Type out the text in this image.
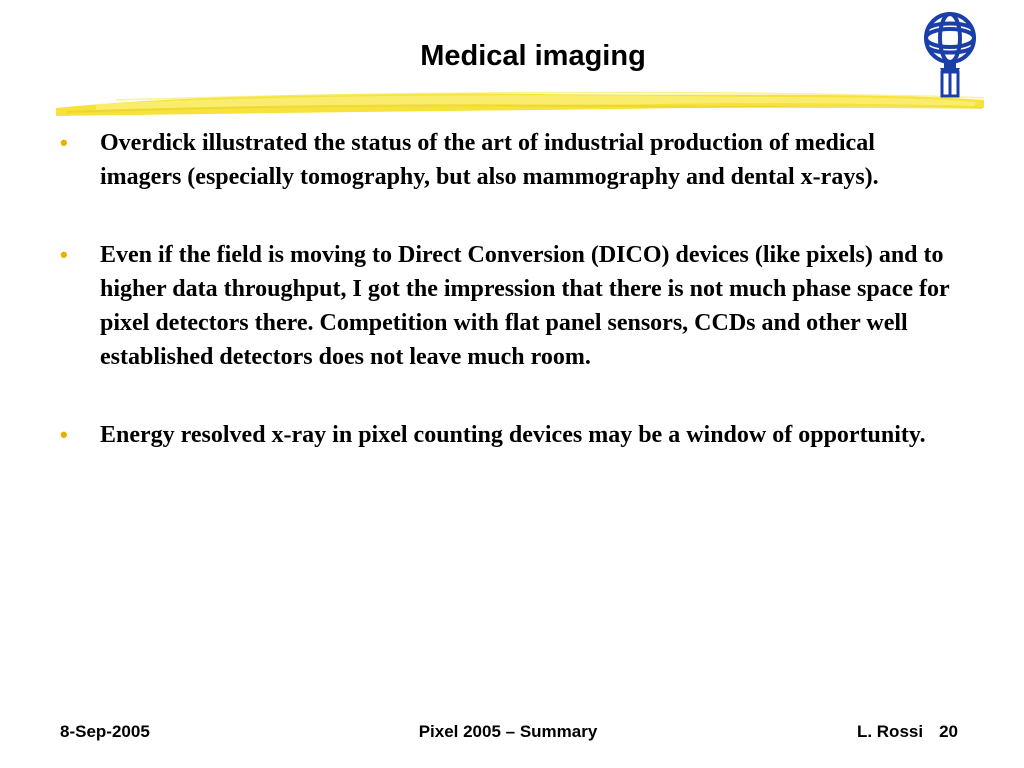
Medical imaging
• Overdick illustrated the status of the art of industrial production of medical imagers (especially tomography, but also mammography and dental x-rays).
• Even if the field is moving to Direct Conversion (DICO) devices (like pixels) and to higher data throughput, I got the impression that there is not much phase space for pixel detectors there. Competition with flat panel sensors, CCDs and other well established detectors does not leave much room.
• Energy resolved x-ray in pixel counting devices may be a window of opportunity.
8-Sep-2005	Pixel 2005 – Summary	L. Rossi 20
